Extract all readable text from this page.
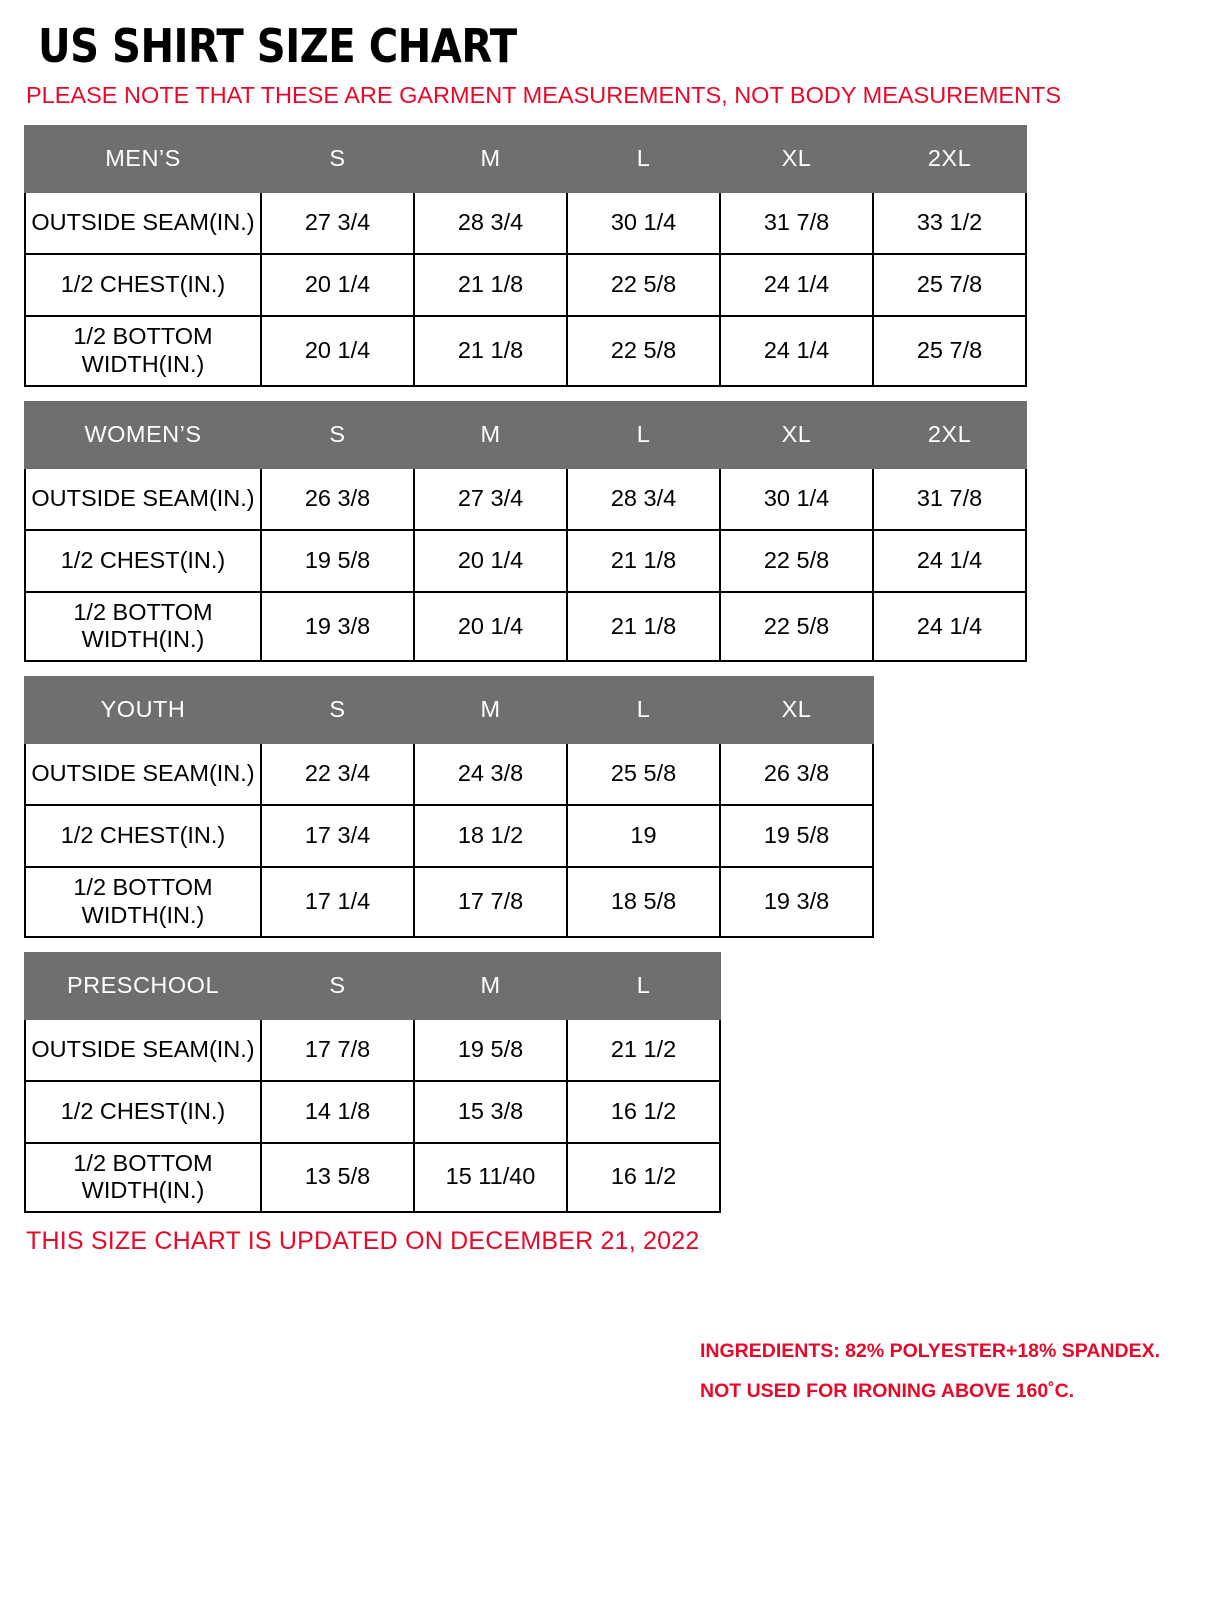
US SHIRT SIZE CHART
PLEASE NOTE THAT THESE ARE GARMENT MEASUREMENTS, NOT BODY MEASUREMENTS
MEN’S	S	M	L	XL	2XL
OUTSIDE SEAM(IN.)	27 3/4	28 3/4	30 1/4	31 7/8	33 1/2
1/2 CHEST(IN.)	20 1/4	21 1/8	22 5/8	24 1/4	25 7/8
1/2 BOTTOM WIDTH(IN.)	20 1/4	21 1/8	22 5/8	24 1/4	25 7/8
WOMEN’S	S	M	L	XL	2XL
OUTSIDE SEAM(IN.)	26 3/8	27 3/4	28 3/4	30 1/4	31 7/8
1/2 CHEST(IN.)	19 5/8	20 1/4	21 1/8	22 5/8	24 1/4
1/2 BOTTOM WIDTH(IN.)	19 3/8	20 1/4	21 1/8	22 5/8	24 1/4
YOUTH	S	M	L	XL
OUTSIDE SEAM(IN.)	22 3/4	24 3/8	25 5/8	26 3/8
1/2 CHEST(IN.)	17 3/4	18 1/2	19	19 5/8
1/2 BOTTOM WIDTH(IN.)	17 1/4	17 7/8	18 5/8	19 3/8
PRESCHOOL	S	M	L
OUTSIDE SEAM(IN.)	17 7/8	19 5/8	21 1/2
1/2 CHEST(IN.)	14 1/8	15 3/8	16 1/2
1/2 BOTTOM WIDTH(IN.)	13 5/8	15 11/40	16 1/2
THIS SIZE CHART IS UPDATED ON DECEMBER 21, 2022
INGREDIENTS: 82% POLYESTER+18% SPANDEX.
NOT USED FOR IRONING ABOVE 160˚C.
